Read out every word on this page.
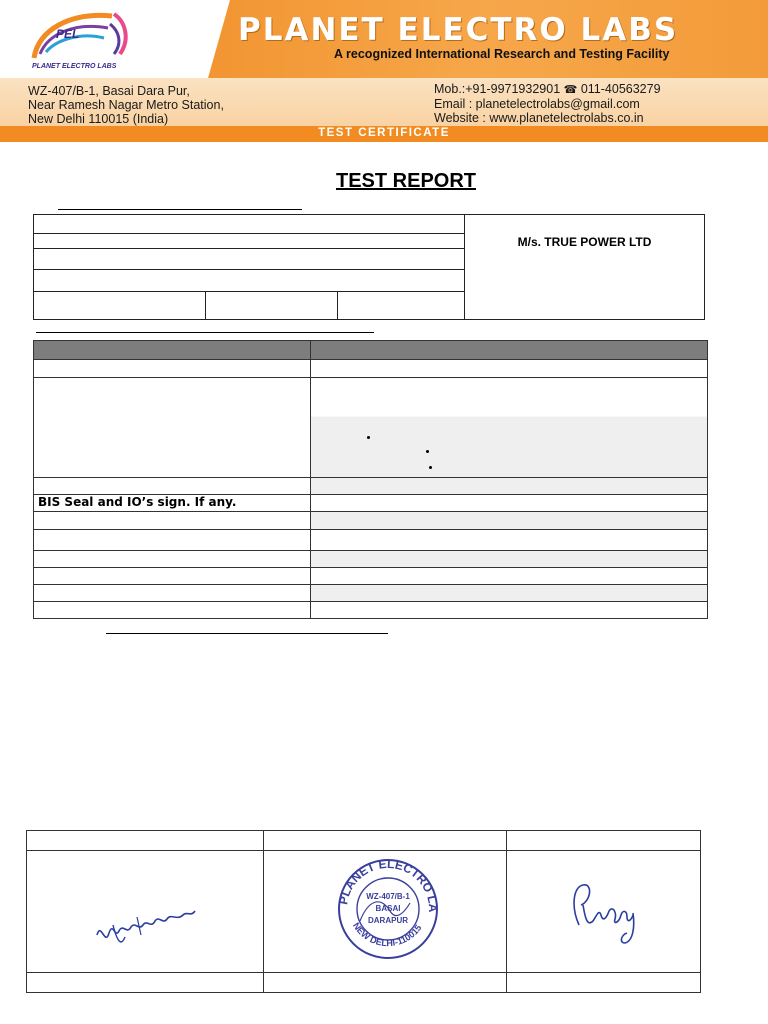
PEL
PLANET ELECTRO LABS
PLANET ELECTRO LABS
A recognized International Research and Testing Facility
WZ-407/B-1, Basai Dara Pur,
Near Ramesh Nagar Metro Station,
New Delhi 110015 (India)
Mob.:+91-9971932901 ☎ 011-40563279
Email : planetelectrolabs@gmail.com
Website : www.planetelectrolabs.co.in
TEST CERTIFICATE
TEST REPORT
M/s. TRUE POWER LTD

BIS Seal and IO’s sign. If any.	

PLANET ELECTRO LA
NEW DELHI-110015
WZ-407/B-1
BASAI
DARAPUR
